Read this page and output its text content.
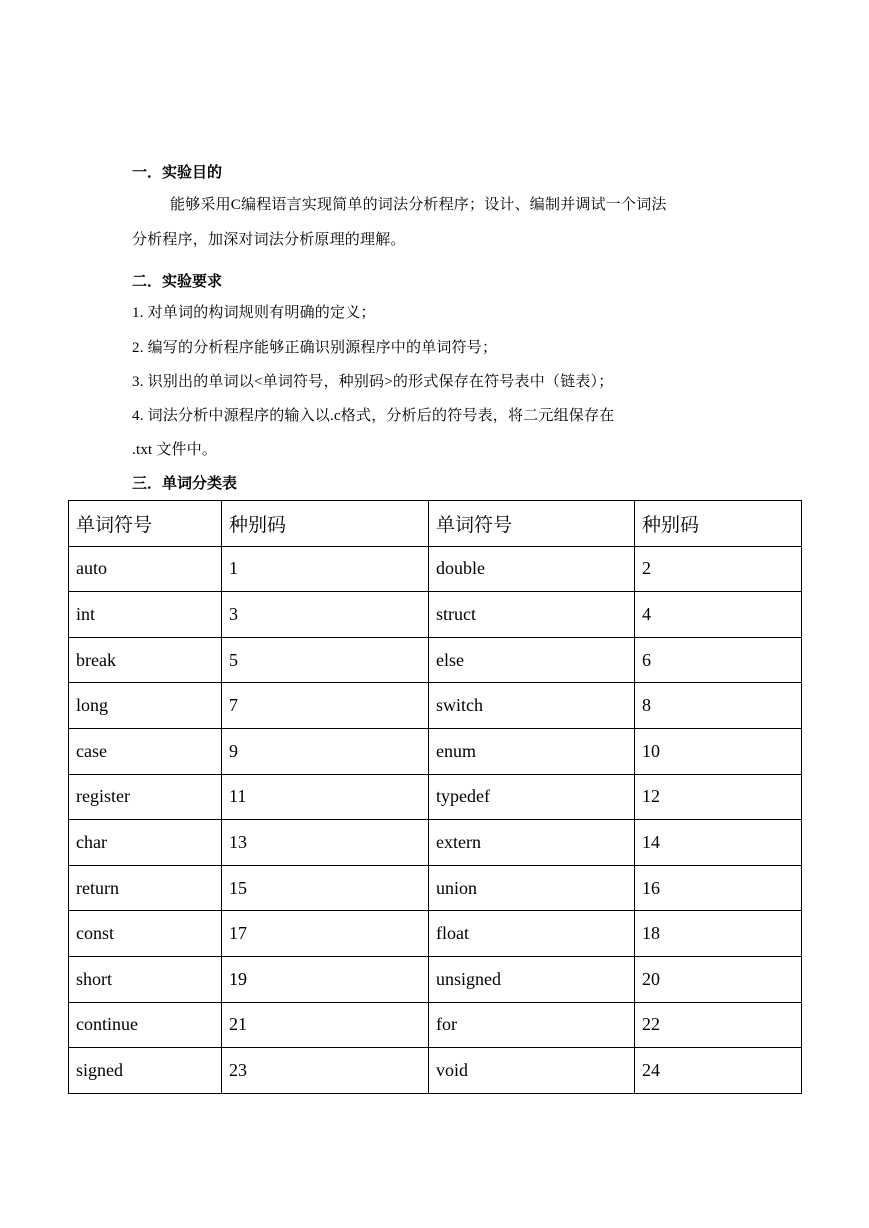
一．实验目的
能够采用C编程语言实现简单的词法分析程序；设计、编制并调试一个词法
分析程序，加深对词法分析原理的理解。
二．实验要求
1. 对单词的构词规则有明确的定义；
2. 编写的分析程序能够正确识别源程序中的单词符号；
3. 识别出的单词以<单词符号，种别码>的形式保存在符号表中（链表）；
4. 词法分析中源程序的输入以.c格式，分析后的符号表，将二元组保存在
.txt 文件中。
三．单词分类表
单词符号	种别码	单词符号	种别码
auto	1	double	2
int	3	struct	4
break	5	else	6
long	7	switch	8
case	9	enum	10
register	11	typedef	12
char	13	extern	14
return	15	union	16
const	17	float	18
short	19	unsigned	20
continue	21	for	22
signed	23	void	24
